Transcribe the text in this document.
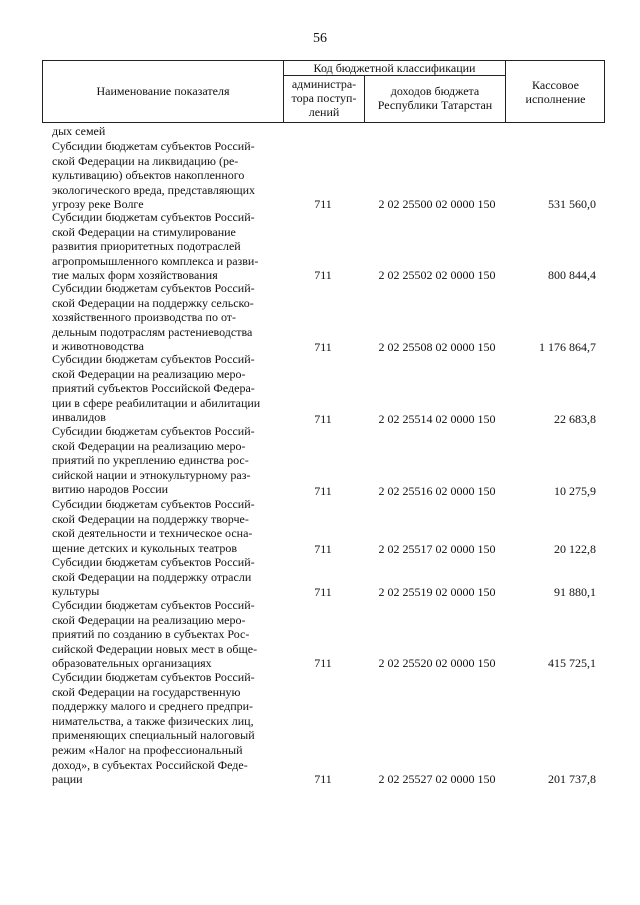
56
Наименование показателя
Код бюджетной классификации
администра-
тора поступ-
лений
доходов бюджета
Республики Татарстан
Кассовое
исполнение
дых семей
Субсидии бюджетам субъектов Россий-
ской Федерации на ликвидацию (ре-
культивацию) объектов накопленного
экологического вреда, представляющих
угрозу реке Волге	711	2 02 25500 02 0000 150	531 560,0
Субсидии бюджетам субъектов Россий-
ской Федерации на стимулирование
развития приоритетных подотраслей
агропромышленного комплекса и разви-
тие малых форм хозяйствования	711	2 02 25502 02 0000 150	800 844,4
Субсидии бюджетам субъектов Россий-
ской Федерации на поддержку сельско-
хозяйственного производства по от-
дельным подотраслям растениеводства
и животноводства	711	2 02 25508 02 0000 150	1 176 864,7
Субсидии бюджетам субъектов Россий-
ской Федерации на реализацию меро-
приятий субъектов Российской Федера-
ции в сфере реабилитации и абилитации
инвалидов	711	2 02 25514 02 0000 150	22 683,8
Субсидии бюджетам субъектов Россий-
ской Федерации на реализацию меро-
приятий по укреплению единства рос-
сийской нации и этнокультурному раз-
витию народов России	711	2 02 25516 02 0000 150	10 275,9
Субсидии бюджетам субъектов Россий-
ской Федерации на поддержку творче-
ской деятельности и техническое осна-
щение детских и кукольных театров	711	2 02 25517 02 0000 150	20 122,8
Субсидии бюджетам субъектов Россий-
ской Федерации на поддержку отрасли
культуры	711	2 02 25519 02 0000 150	91 880,1
Субсидии бюджетам субъектов Россий-
ской Федерации на реализацию меро-
приятий по созданию в субъектах Рос-
сийской Федерации новых мест в обще-
образовательных организациях	711	2 02 25520 02 0000 150	415 725,1
Субсидии бюджетам субъектов Россий-
ской Федерации на государственную
поддержку малого и среднего предпри-
нимательства, а также физических лиц,
применяющих специальный налоговый
режим «Налог на профессиональный
доход», в субъектах Российской Феде-
рации	711	2 02 25527 02 0000 150	201 737,8
